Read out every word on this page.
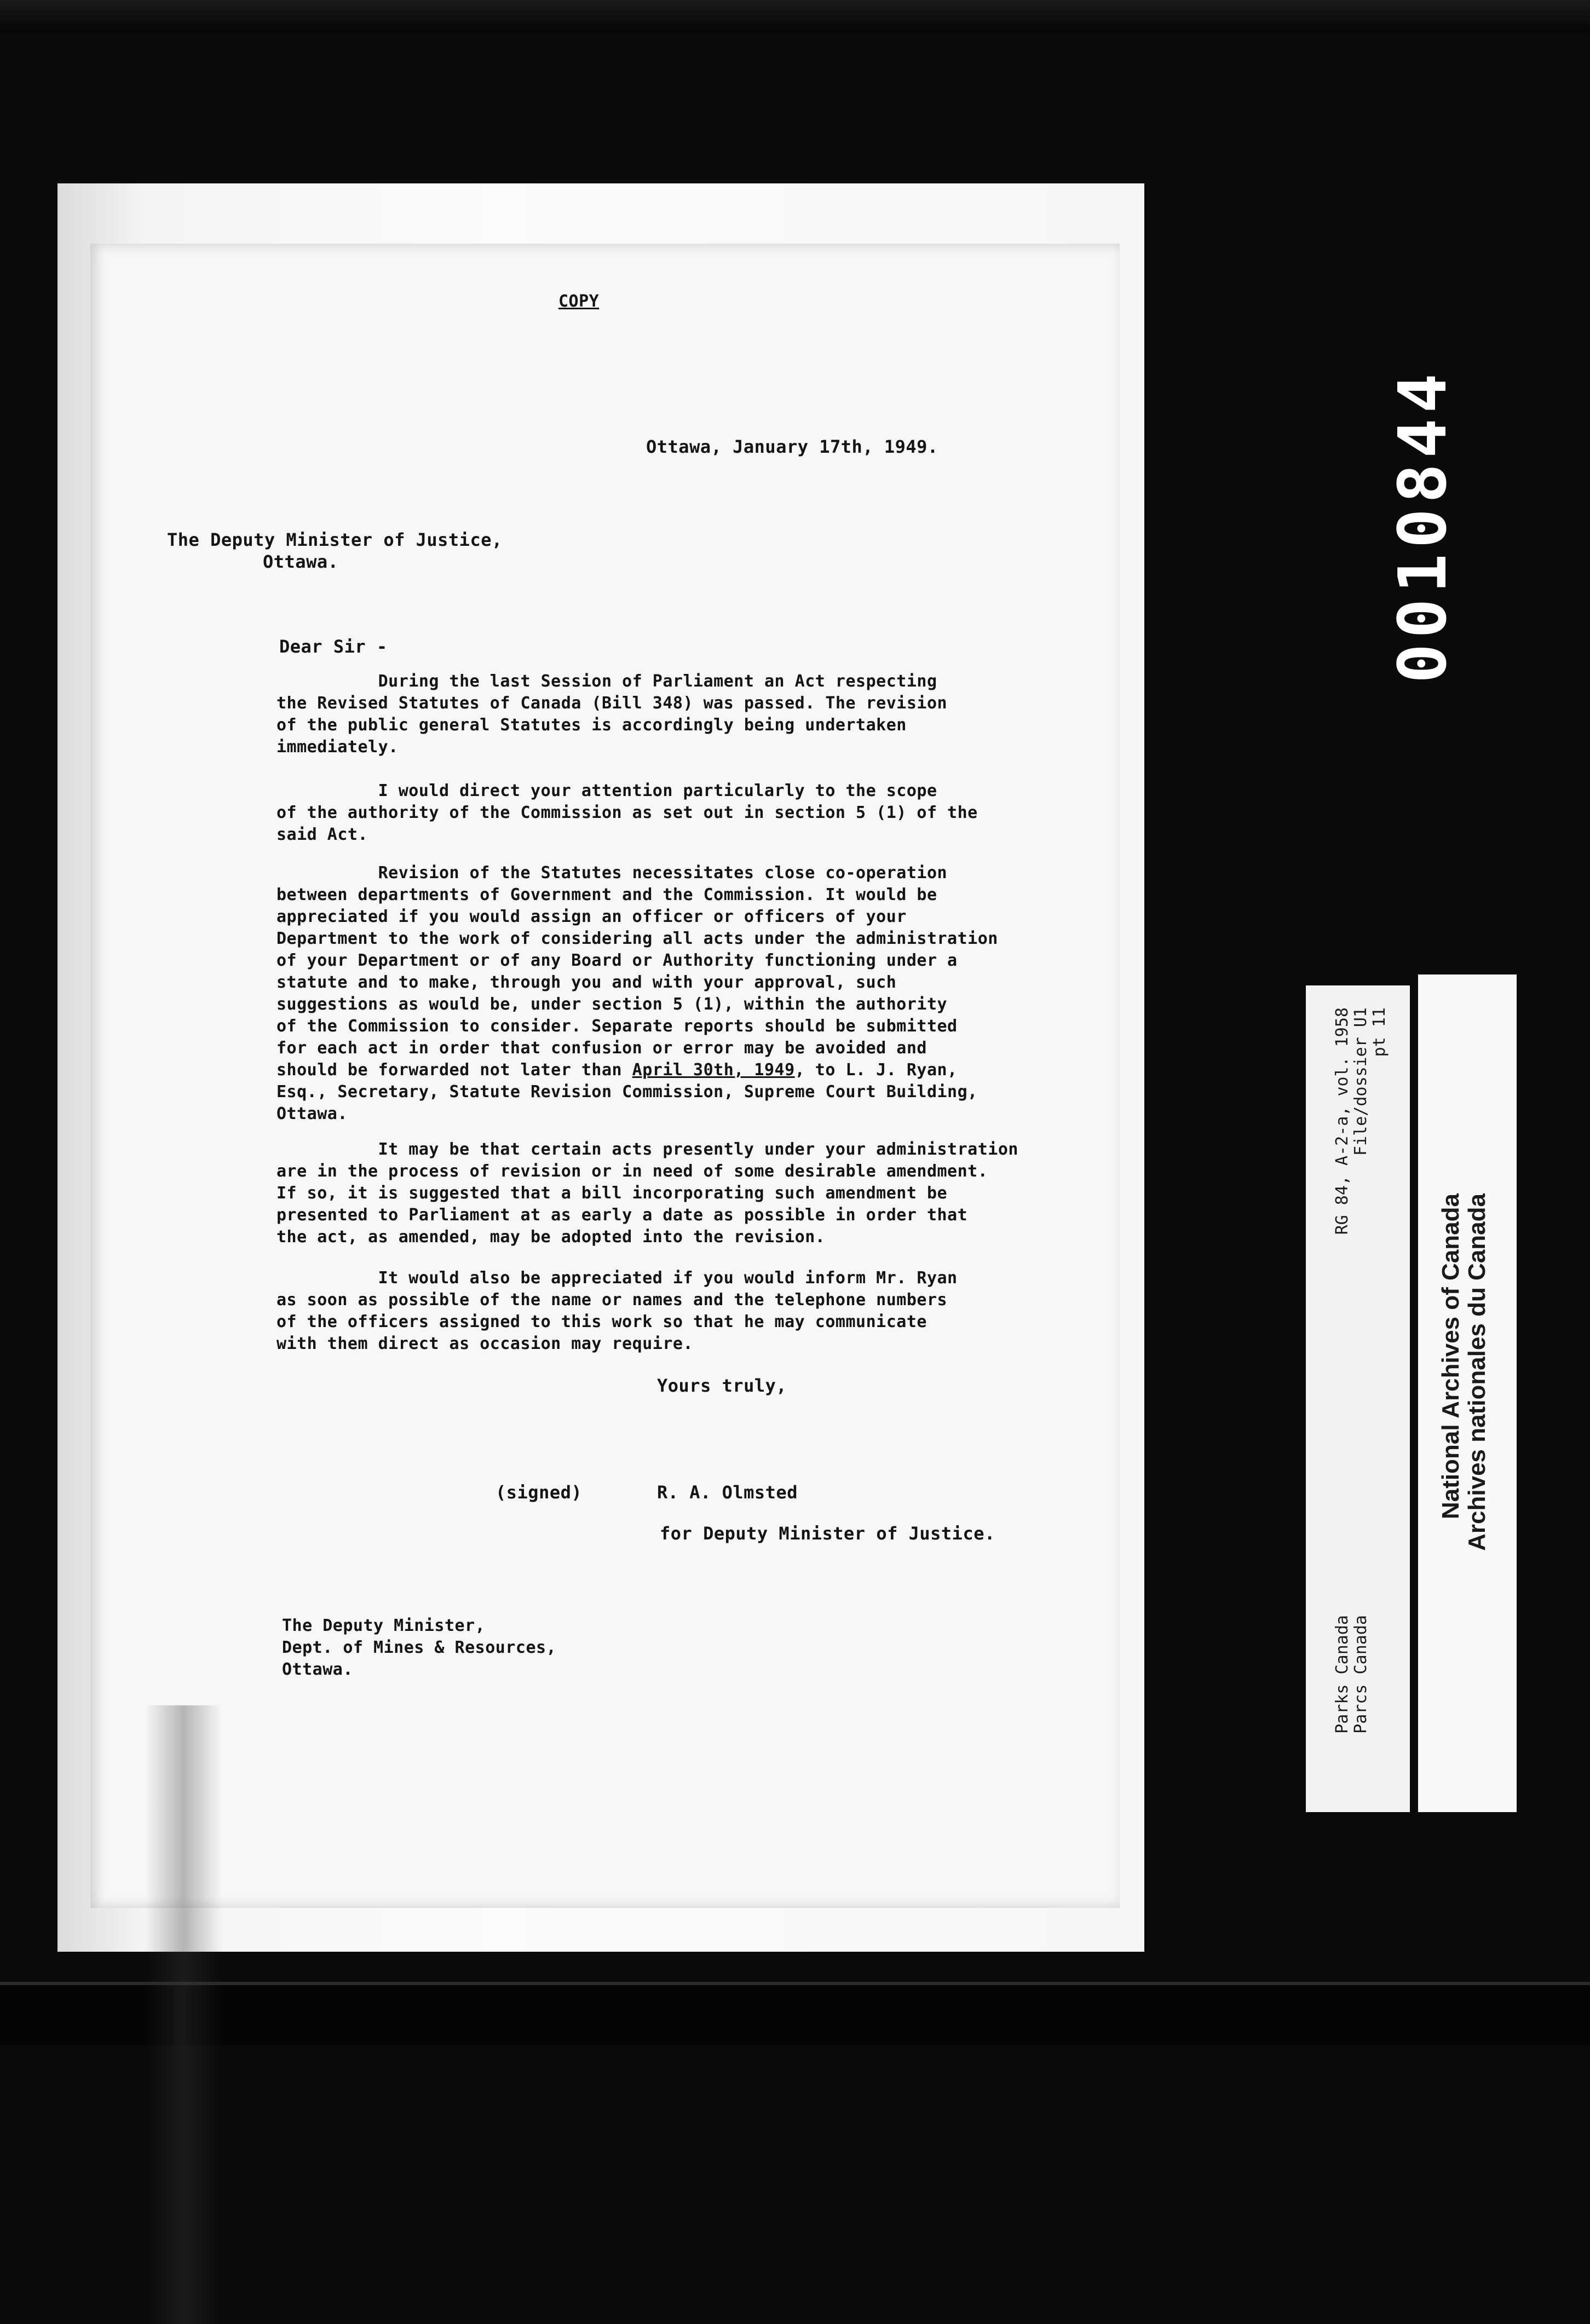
COPY
Ottawa, January 17th, 1949.
The Deputy Minister of Justice,
Ottawa.
Dear Sir -
During the last Session of Parliament an Act respecting
the Revised Statutes of Canada (Bill 348) was passed. The revision
of the public general Statutes is accordingly being undertaken
immediately.
I would direct your attention particularly to the scope
of the authority of the Commission as set out in section 5 (1) of the
said Act.
Revision of the Statutes necessitates close co-operation
between departments of Government and the Commission. It would be
appreciated if you would assign an officer or officers of your
Department to the work of considering all acts under the administration
of your Department or of any Board or Authority functioning under a
statute and to make, through you and with your approval, such
suggestions as would be, under section 5 (1), within the authority
of the Commission to consider. Separate reports should be submitted
for each act in order that confusion or error may be avoided and
should be forwarded not later than April 30th, 1949, to L. J. Ryan,
Esq., Secretary, Statute Revision Commission, Supreme Court Building,
Ottawa.
It may be that certain acts presently under your administration
are in the process of revision or in need of some desirable amendment.
If so, it is suggested that a bill incorporating such amendment be
presented to Parliament at as early a date as possible in order that
the act, as amended, may be adopted into the revision.
It would also be appreciated if you would inform Mr. Ryan
as soon as possible of the name or names and the telephone numbers
of the officers assigned to this work so that he may communicate
with them direct as occasion may require.
Yours truly,
(signed)	R. A. Olmsted
for Deputy Minister of Justice.
The Deputy Minister,
Dept. of Mines & Resources,
Ottawa.
0010844
RG 84, A-2-a, vol. 1958 File/dossier U1 pt 11
Parks Canada Parcs Canada
National Archives of Canada Archives nationales du Canada
